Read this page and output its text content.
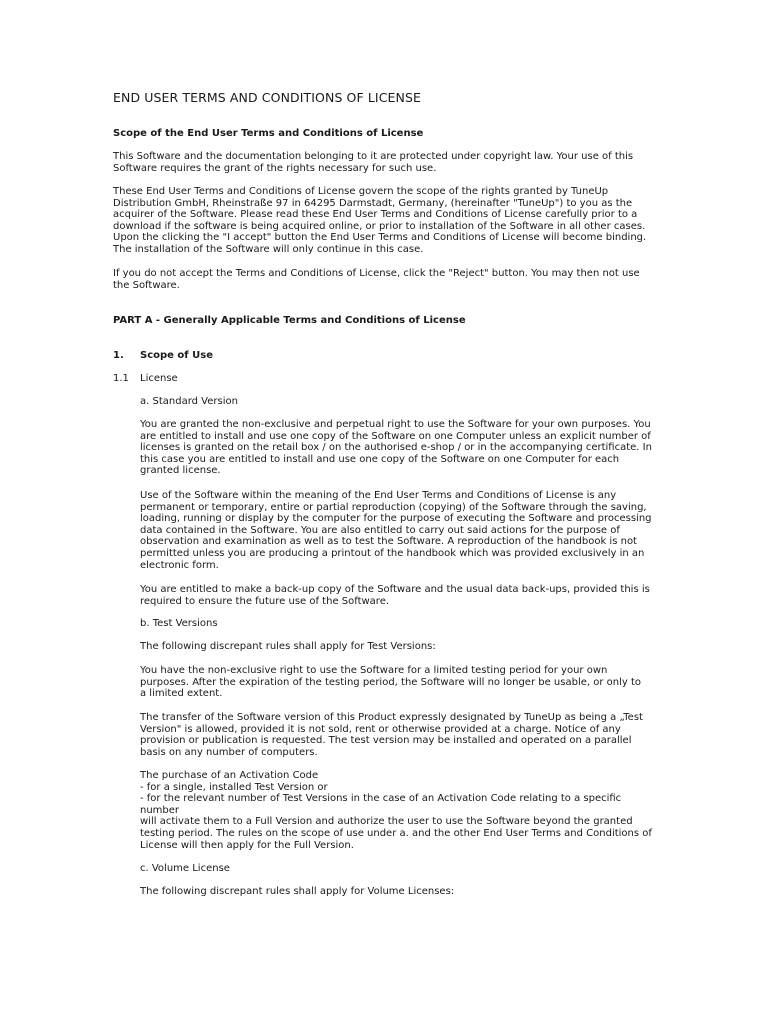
END USER TERMS AND CONDITIONS OF LICENSE

Scope of the End User Terms and Conditions of License

This Software and the documentation belonging to it are protected under copyright law. Your use of this
Software requires the grant of the rights necessary for such use.

These End User Terms and Conditions of License govern the scope of the rights granted by TuneUp
Distribution GmbH, Rheinstraße 97 in 64295 Darmstadt, Germany, (hereinafter "TuneUp") to you as the
acquirer of the Software. Please read these End User Terms and Conditions of License carefully prior to a
download if the software is being acquired online, or prior to installation of the Software in all other cases.
Upon the clicking the "I accept" button the End User Terms and Conditions of License will become binding.
The installation of the Software will only continue in this case.

If you do not accept the Terms and Conditions of License, click the "Reject" button. You may then not use
the Software.

PART A - Generally Applicable Terms and Conditions of License

1. Scope of Use

1.1 License

a. Standard Version

You are granted the non-exclusive and perpetual right to use the Software for your own purposes. You
are entitled to install and use one copy of the Software on one Computer unless an explicit number of
licenses is granted on the retail box / on the authorised e-shop / or in the accompanying certificate. In
this case you are entitled to install and use one copy of the Software on one Computer for each
granted license.

Use of the Software within the meaning of the End User Terms and Conditions of License is any
permanent or temporary, entire or partial reproduction (copying) of the Software through the saving,
loading, running or display by the computer for the purpose of executing the Software and processing
data contained in the Software. You are also entitled to carry out said actions for the purpose of
observation and examination as well as to test the Software. A reproduction of the handbook is not
permitted unless you are producing a printout of the handbook which was provided exclusively in an
electronic form.

You are entitled to make a back-up copy of the Software and the usual data back-ups, provided this is
required to ensure the future use of the Software.

b. Test Versions

The following discrepant rules shall apply for Test Versions:

You have the non-exclusive right to use the Software for a limited testing period for your own
purposes. After the expiration of the testing period, the Software will no longer be usable, or only to
a limited extent.

The transfer of the Software version of this Product expressly designated by TuneUp as being a „Test
Version" is allowed, provided it is not sold, rent or otherwise provided at a charge. Notice of any
provision or publication is requested. The test version may be installed and operated on a parallel
basis on any number of computers.

The purchase of an Activation Code
- for a single, installed Test Version or
- for the relevant number of Test Versions in the case of an Activation Code relating to a specific
number
will activate them to a Full Version and authorize the user to use the Software beyond the granted
testing period. The rules on the scope of use under a. and the other End User Terms and Conditions of
License will then apply for the Full Version.

c. Volume License

The following discrepant rules shall apply for Volume Licenses:
